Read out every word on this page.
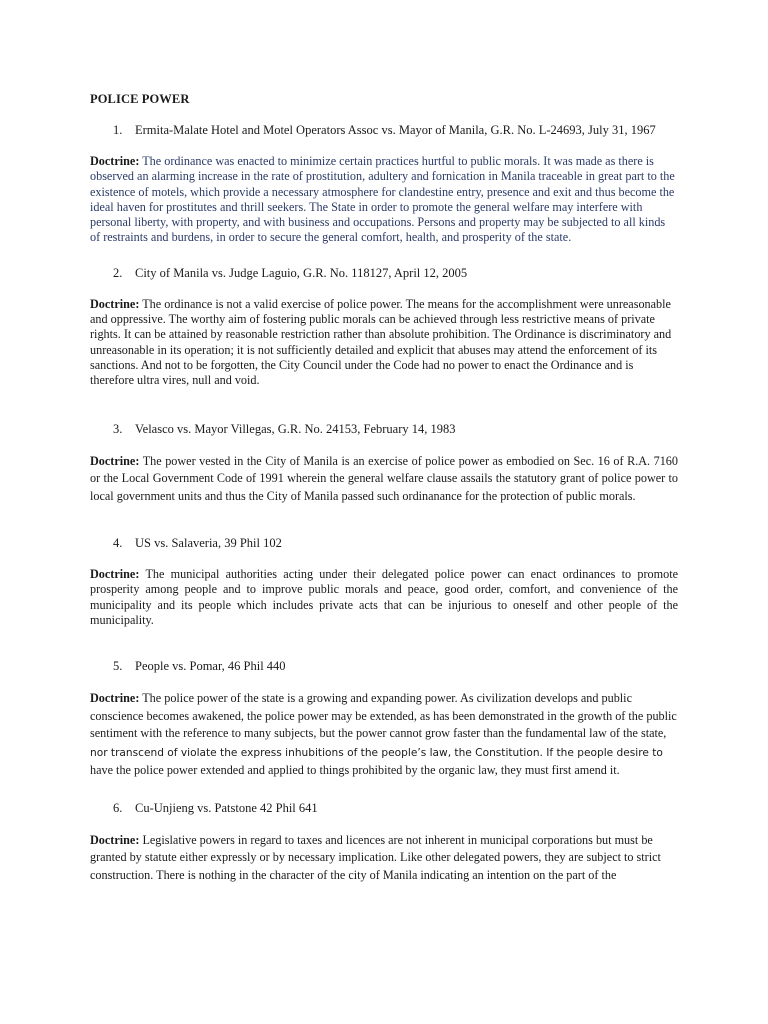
POLICE POWER

1. Ermita-Malate Hotel and Motel Operators Assoc vs. Mayor of Manila, G.R. No. L-24693, July 31, 1967

Doctrine: The ordinance was enacted to minimize certain practices hurtful to public morals. It was made as there is observed an alarming increase in the rate of prostitution, adultery and fornication in Manila traceable in great part to the existence of motels, which provide a necessary atmosphere for clandestine entry, presence and exit and thus become the ideal haven for prostitutes and thrill seekers. The State in order to promote the general welfare may interfere with personal liberty, with property, and with business and occupations. Persons and property may be subjected to all kinds of restraints and burdens, in order to secure the general comfort, health, and prosperity of the state.

2. City of Manila vs. Judge Laguio, G.R. No. 118127, April 12, 2005

Doctrine: The ordinance is not a valid exercise of police power. The means for the accomplishment were unreasonable and oppressive. The worthy aim of fostering public morals can be achieved through less restrictive means of private rights. It can be attained by reasonable restriction rather than absolute prohibition. The Ordinance is discriminatory and unreasonable in its operation; it is not sufficiently detailed and explicit that abuses may attend the enforcement of its sanctions. And not to be forgotten, the City Council under the Code had no power to enact the Ordinance and is therefore ultra vires, null and void.

3. Velasco vs. Mayor Villegas, G.R. No. 24153, February 14, 1983

Doctrine: The power vested in the City of Manila is an exercise of police power as embodied on Sec. 16 of R.A. 7160 or the Local Government Code of 1991 wherein the general welfare clause assails the statutory grant of police power to local government units and thus the City of Manila passed such ordinanance for the protection of public morals.

4. US vs. Salaveria, 39 Phil 102

Doctrine: The municipal authorities acting under their delegated police power can enact ordinances to promote prosperity among people and to improve public morals and peace, good order, comfort, and convenience of the municipality and its people which includes private acts that can be injurious to oneself and other people of the municipality.

5. People vs. Pomar, 46 Phil 440

Doctrine: The police power of the state is a growing and expanding power. As civilization develops and public conscience becomes awakened, the police power may be extended, as has been demonstrated in the growth of the public sentiment with the reference to many subjects, but the power cannot grow faster than the fundamental law of the state, nor transcend of violate the express inhubitions of the people’s law, the Constitution. If the people desire to have the police power extended and applied to things prohibited by the organic law, they must first amend it.

6. Cu-Unjieng vs. Patstone 42 Phil 641

Doctrine: Legislative powers in regard to taxes and licences are not inherent in municipal corporations but must be granted by statute either expressly or by necessary implication. Like other delegated powers, they are subject to strict construction. There is nothing in the character of the city of Manila indicating an intention on the part of the
